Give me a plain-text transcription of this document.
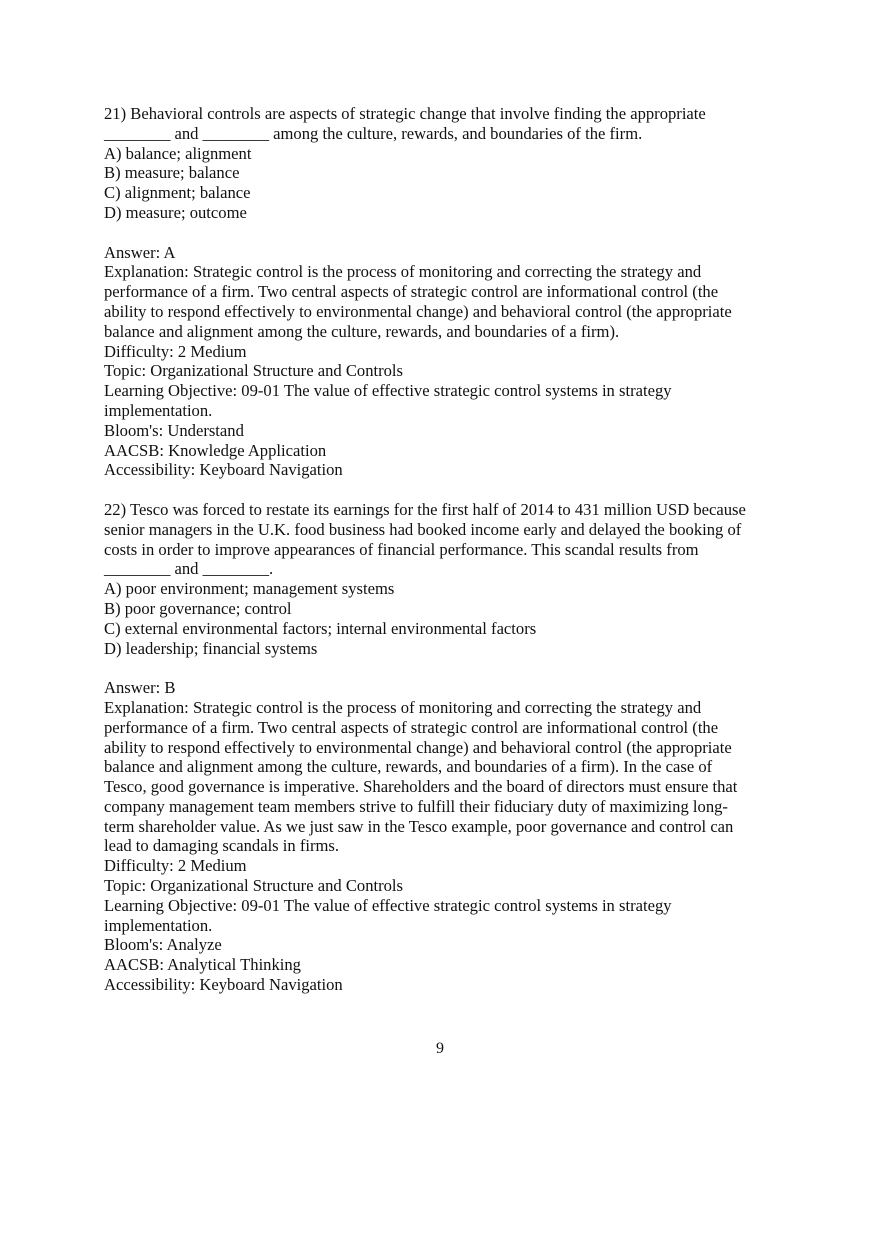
21) Behavioral controls are aspects of strategic change that involve finding the appropriate
________ and ________ among the culture, rewards, and boundaries of the firm.
A) balance; alignment
B) measure; balance
C) alignment; balance
D) measure; outcome
Answer: A
Explanation: Strategic control is the process of monitoring and correcting the strategy and
performance of a firm. Two central aspects of strategic control are informational control (the
ability to respond effectively to environmental change) and behavioral control (the appropriate
balance and alignment among the culture, rewards, and boundaries of a firm).
Difficulty: 2 Medium
Topic: Organizational Structure and Controls
Learning Objective: 09-01 The value of effective strategic control systems in strategy
implementation.
Bloom's: Understand
AACSB: Knowledge Application
Accessibility: Keyboard Navigation
22) Tesco was forced to restate its earnings for the first half of 2014 to 431 million USD because
senior managers in the U.K. food business had booked income early and delayed the booking of
costs in order to improve appearances of financial performance. This scandal results from
________ and ________.
A) poor environment; management systems
B) poor governance; control
C) external environmental factors; internal environmental factors
D) leadership; financial systems
Answer: B
Explanation: Strategic control is the process of monitoring and correcting the strategy and
performance of a firm. Two central aspects of strategic control are informational control (the
ability to respond effectively to environmental change) and behavioral control (the appropriate
balance and alignment among the culture, rewards, and boundaries of a firm). In the case of
Tesco, good governance is imperative. Shareholders and the board of directors must ensure that
company management team members strive to fulfill their fiduciary duty of maximizing long-
term shareholder value. As we just saw in the Tesco example, poor governance and control can
lead to damaging scandals in firms.
Difficulty: 2 Medium
Topic: Organizational Structure and Controls
Learning Objective: 09-01 The value of effective strategic control systems in strategy
implementation.
Bloom's: Analyze
AACSB: Analytical Thinking
Accessibility: Keyboard Navigation
9
